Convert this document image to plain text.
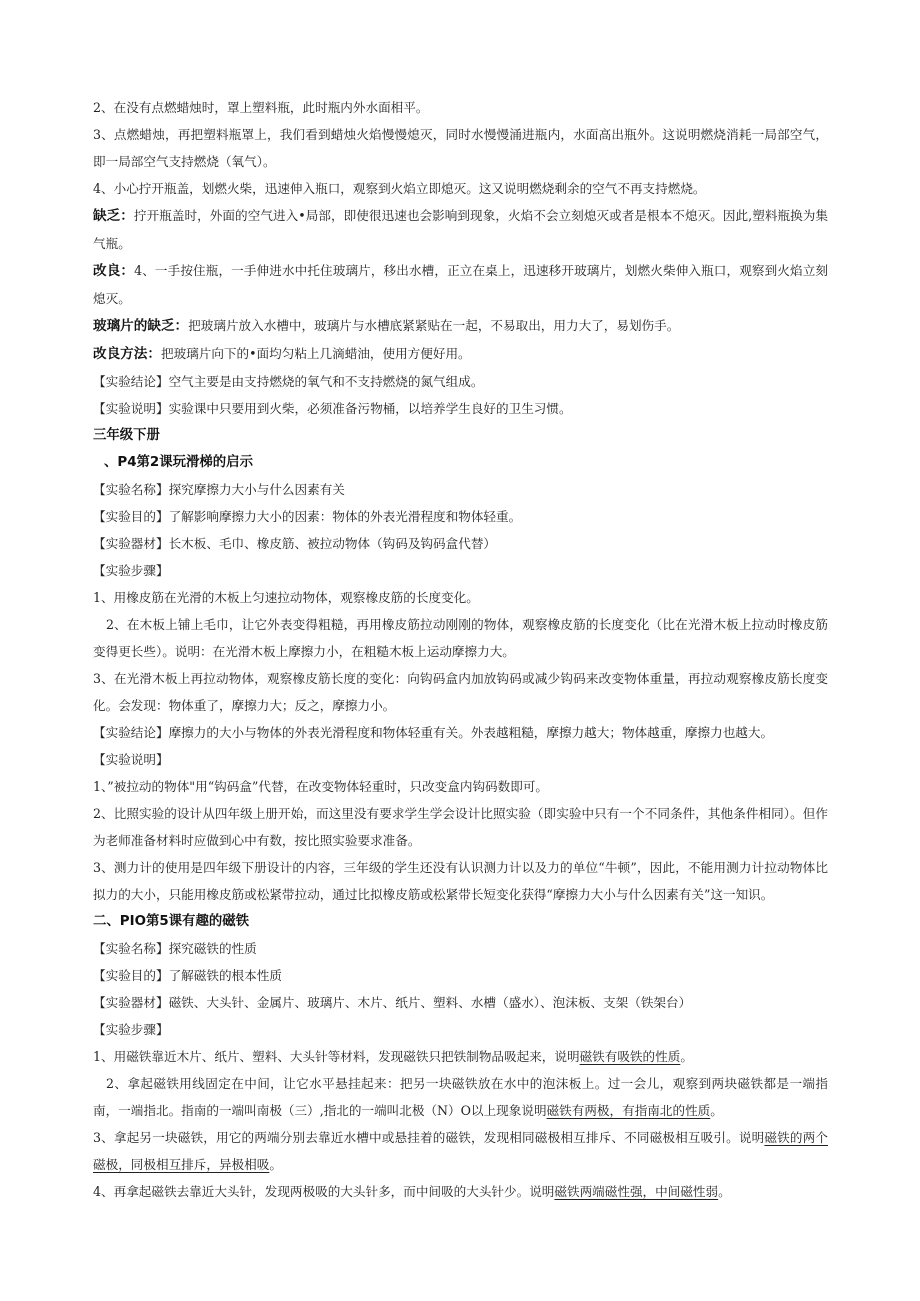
2、在没有点燃蜡烛时，罩上塑料瓶，此时瓶内外水面相平。

3、点燃蜡烛，再把塑料瓶罩上，我们看到蜡烛火焰慢慢熄灭，同时水慢慢涌进瓶内，水面高出瓶外。这说明燃烧消耗一局部空气，即一局部空气支持燃烧（氧气）。

4、小心拧开瓶盖，划燃火柴，迅速伸入瓶口，观察到火焰立即熄灭。这又说明燃烧剩余的空气不再支持燃烧。

缺乏：拧开瓶盖时，外面的空气进入•局部，即使很迅速也会影响到现象，火焰不会立刻熄灭或者是根本不熄灭。因此,塑料瓶换为集气瓶。

改良：4、一手按住瓶，一手伸进水中托住玻璃片，移出水槽，正立在桌上，迅速移开玻璃片，划燃火柴伸入瓶口，观察到火焰立刻熄灭。

玻璃片的缺乏：把玻璃片放入水槽中，玻璃片与水槽底紧紧贴在一起，不易取出，用力大了，易划伤手。

改良方法：把玻璃片向下的•面均匀粘上几滴蜡油，使用方便好用。

【实验结论】空气主要是由支持燃烧的氧气和不支持燃烧的氮气组成。

【实验说明】实验课中只要用到火柴，必须准备污物桶，以培养学生良好的卫生习惯。

三年级下册

、P4第2课玩滑梯的启示

【实验名称】探究摩擦力大小与什么因素有关

【实验目的】了解影响摩擦力大小的因素：物体的外表光滑程度和物体轻重。

【实验器材】长木板、毛巾、橡皮筋、被拉动物体（钩码及钩码盒代替）

【实验步骤】

1、用橡皮筋在光滑的木板上匀速拉动物体，观察橡皮筋的长度变化。

2、在木板上铺上毛巾，让它外表变得粗糙，再用橡皮筋拉动刚刚的物体，观察橡皮筋的长度变化（比在光滑木板上拉动时橡皮筋变得更长些）。说明：在光滑木板上摩擦力小，在粗糙木板上运动摩擦力大。

3、在光滑木板上再拉动物体，观察橡皮筋长度的变化：向钩码盒内加放钩码或减少钩码来改变物体重量，再拉动观察橡皮筋长度变化。会发现：物体重了，摩擦力大；反之，摩擦力小。

【实验结论】摩擦力的大小与物体的外表光滑程度和物体轻重有关。外表越粗糙，摩擦力越大；物体越重，摩擦力也越大。

【实验说明】

1、”被拉动的物体"用“钩码盒”代替，在改变物体轻重时，只改变盒内钩码数即可。

2、比照实验的设计从四年级上册开始，而这里没有要求学生学会设计比照实验（即实验中只有一个不同条件，其他条件相同）。但作为老师准备材料时应做到心中有数，按比照实验要求准备。

3、测力计的使用是四年级下册设计的内容，三年级的学生还没有认识测力计以及力的单位“牛顿”，因此，不能用测力计拉动物体比拟力的大小，只能用橡皮筋或松紧带拉动，通过比拟橡皮筋或松紧带长短变化获得“摩擦力大小与什么因素有关”这一知识。

二、PIO第5课有趣的磁铁

【实验名称】探究磁铁的性质

【实验目的】了解磁铁的根本性质

【实验器材】磁铁、大头针、金属片、玻璃片、木片、纸片、塑料、水槽（盛水）、泡沫板、支架（铁架台）

【实验步骤】

1、用磁铁靠近木片、纸片、塑料、大头针等材料，发现磁铁只把铁制物品吸起来，说明磁铁有吸铁的性质。

2、拿起磁铁用线固定在中间，让它水平悬挂起来：把另一块磁铁放在水中的泡沫板上。过一会儿，观察到两块磁铁都是一端指南，一端指北。指南的一端叫南极（三）,指北的一端叫北极（N）O以上现象说明磁铁有两极，有指南北的性质。

3、拿起另一块磁铁，用它的两端分别去靠近水槽中或悬挂着的磁铁，发现相同磁极相互排斥、不同磁极相互吸引。说明磁铁的两个磁极，同极相互排斥，异极相吸。

4、再拿起磁铁去靠近大头针，发现两极吸的大头针多，而中间吸的大头针少。说明磁铁两端磁性强，中间磁性弱。
